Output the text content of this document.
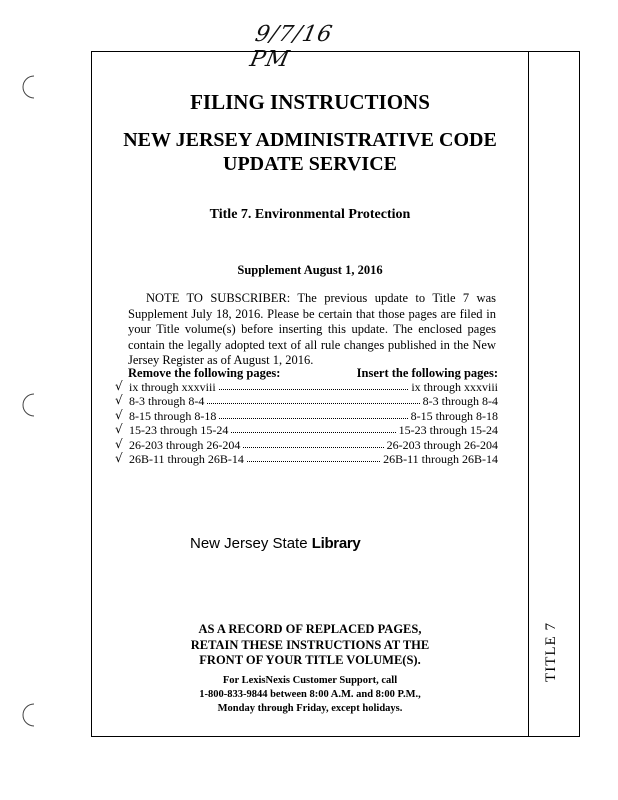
9/7/16 PM
TITLE 7
FILING INSTRUCTIONS
NEW JERSEY ADMINISTRATIVE CODE
UPDATE SERVICE
Title 7. Environmental Protection
Supplement August 1, 2016
NOTE TO SUBSCRIBER: The previous update to Title 7 was Supplement July 18, 2016. Please be certain that those pages are filed in your Title volume(s) before inserting this update. The enclosed pages contain the legally adopted text of all rule changes published in the New Jersey Register as of August 1, 2016.
Remove the following pages:	Insert the following pages:
√ ix through xxxviii	ix through xxxviii
√ 8-3 through 8-4	8-3 through 8-4
√ 8-15 through 8-18	8-15 through 8-18
√ 15-23 through 15-24	15-23 through 15-24
√ 26-203 through 26-204	26-203 through 26-204
√ 26B-11 through 26B-14	26B-11 through 26B-14
New Jersey State Library
AS A RECORD OF REPLACED PAGES,
RETAIN THESE INSTRUCTIONS AT THE
FRONT OF YOUR TITLE VOLUME(S).
For LexisNexis Customer Support, call
1-800-833-9844 between 8:00 A.M. and 8:00 P.M.,
Monday through Friday, except holidays.
